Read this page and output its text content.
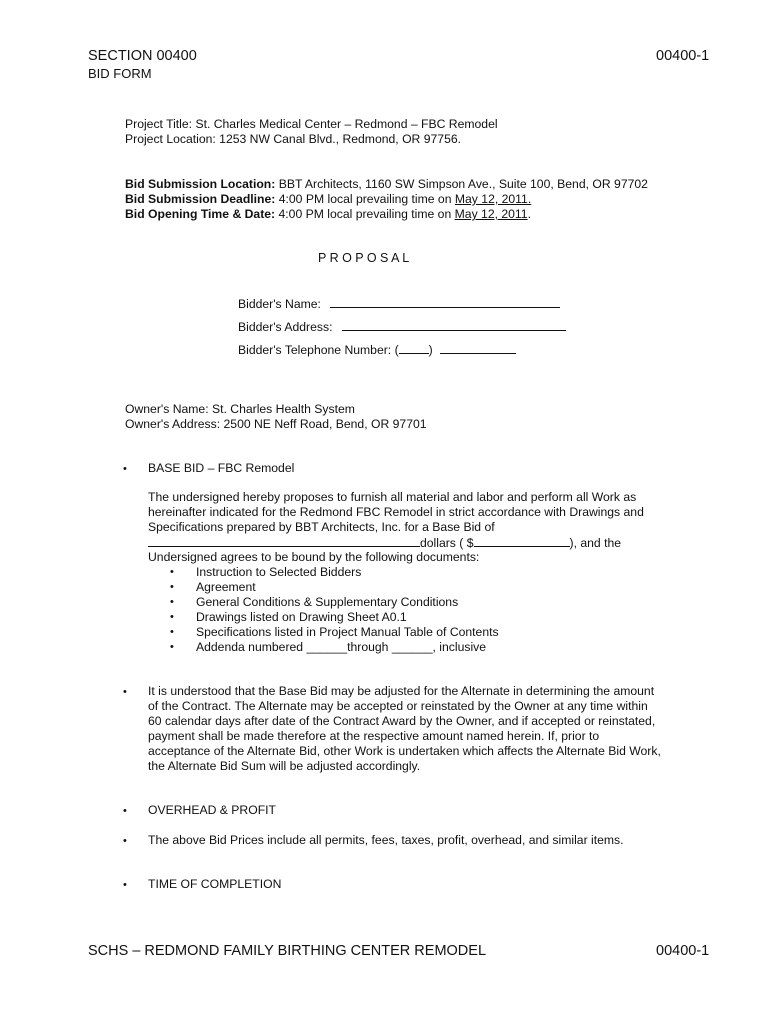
SECTION 00400	00400-1
BID FORM
Project Title: St. Charles Medical Center – Redmond – FBC Remodel
Project Location: 1253 NW Canal Blvd., Redmond, OR 97756.
Bid Submission Location: BBT Architects, 1160 SW Simpson Ave., Suite 100, Bend, OR 97702
Bid Submission Deadline: 4:00 PM local prevailing time on May 12, 2011.
Bid Opening Time & Date: 4:00 PM local prevailing time on May 12, 2011.
P R O P O S A L
Bidder's Name:
Bidder's Address:
Bidder's Telephone Number: ( )
Owner's Name: St. Charles Health System
Owner's Address: 2500 NE Neff Road, Bend, OR 97701
• BASE BID – FBC Remodel
The undersigned hereby proposes to furnish all material and labor and perform all Work as
hereinafter indicated for the Redmond FBC Remodel in strict accordance with Drawings and
Specifications prepared by BBT Architects, Inc. for a Base Bid of
dollars ( $	), and the
Undersigned agrees to be bound by the following documents:
• Instruction to Selected Bidders
• Agreement
• General Conditions & Supplementary Conditions
• Drawings listed on Drawing Sheet A0.1
• Specifications listed in Project Manual Table of Contents
• Addenda numbered ______through ______, inclusive
• It is understood that the Base Bid may be adjusted for the Alternate in determining the amount
of the Contract. The Alternate may be accepted or reinstated by the Owner at any time within
60 calendar days after date of the Contract Award by the Owner, and if accepted or reinstated,
payment shall be made therefore at the respective amount named herein. If, prior to
acceptance of the Alternate Bid, other Work is undertaken which affects the Alternate Bid Work,
the Alternate Bid Sum will be adjusted accordingly.
• OVERHEAD & PROFIT
• The above Bid Prices include all permits, fees, taxes, profit, overhead, and similar items.
• TIME OF COMPLETION
SCHS – REDMOND FAMILY BIRTHING CENTER REMODEL	00400-1
